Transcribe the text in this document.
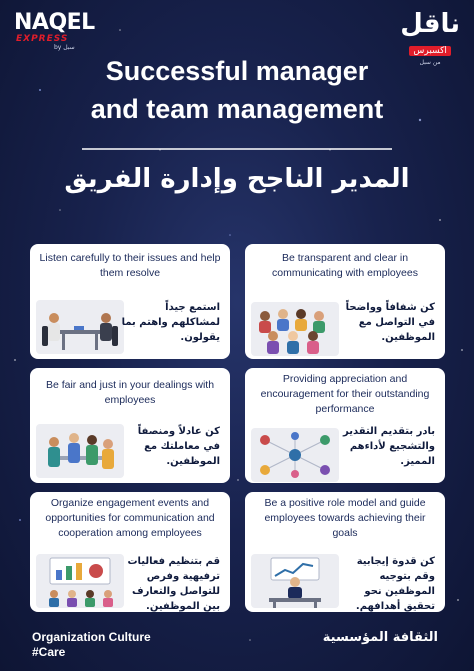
NAQEL
EXPRESS
by سبل
ناقل
اكسبرس
من سبل
Successful manager
and team management
المدير الناجح وإدارة الفريق
Listen carefully to their issues and help them resolve
استمع جيداً لمشاكلهم واهتم بما يقولون.
Be transparent and clear in communicating with employees
كن شفافاً وواضحاً في التواصل مع الموظفين.
Be fair and just in your dealings with employees
كن عادلاً ومنصفاً في معاملتك مع الموظفين.
Providing appreciation and encouragement for their outstanding performance
بادر بتقديم التقدير والتشجيع لأداءهم المميز.
Organize engagement events and opportunities for communication and cooperation among employees
قم بتنظيم فعاليات ترفيهية وفرص للتواصل والتعارف بين الموظفين.
Be a positive role model and guide employees towards achieving their goals
كن قدوة إيجابية وقم بتوجيه الموظفين نحو تحقيق أهدافهم.
Organization Culture
#Care
الثقافة المؤسسية
